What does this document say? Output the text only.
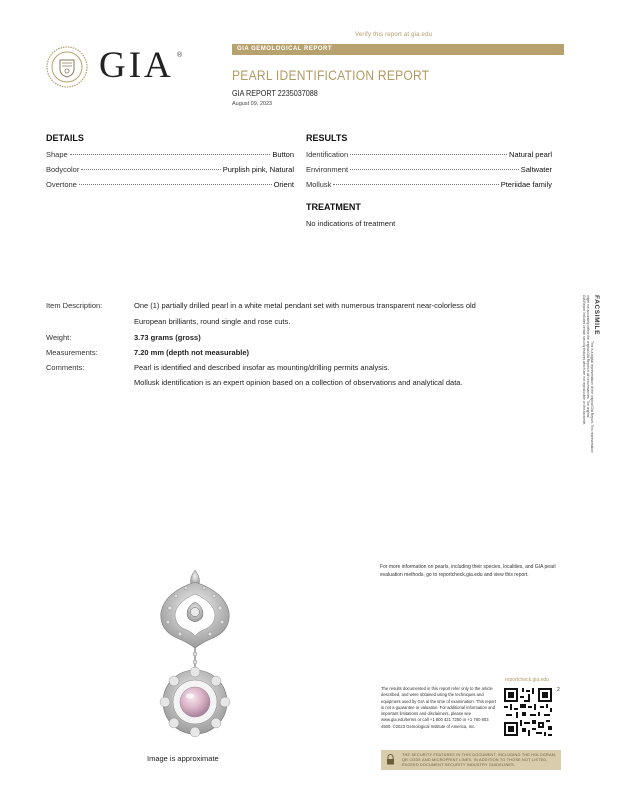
Verify this report at gia.edu
GIA ®
GIA GEMOLOGICAL REPORT
PEARL IDENTIFICATION REPORT
GIA REPORT 2235037088
August 09, 2023
DETAILS
Shape	Button
Bodycolor	Purplish pink, Natural
Overtone	Orient
RESULTS
Identification	Natural pearl
Environment	Saltwater
Mollusk	Pteriidae family
TREATMENT
No indications of treatment
Item Description:	One (1) partially drilled pearl in a white metal pendant set with numerous transparent near-colorless old
European brilliants, round single and rose cuts.
Weight:	3.73 grams (gross)
Measurements:	7.20 mm (depth not measurable)
Comments:	Pearl is identified and described insofar as mounting/drilling permits analysis.
Mollusk identification is an expert opinion based on a collection of observations and analytical data.
FACSIMILE
This is a digital representation of the original GIA Report. This representation
might not accurately reflect the original GIA Report in all circumstances. The original
GIA Report includes certain security features which are not reproducible on this facsimile.
Image is approximate
For more information on pearls, including their species, localities, and GIA pearl evaluation methods, go to reportcheck.gia.edu and view this report.
reportcheck.gia.edu
The results documented in this report refer only to the article described, and were obtained using the techniques and equipment used by GIA at the time of examination. This report is not a guarantee or valuation. For additional information and important limitations and disclaimers, please see www.gia.edu/terms or call +1 800 421 7250 or +1 760 603 4500. ©2023 Gemological Institute of America, Inc.
2
THE SECURITY FEATURES IN THIS DOCUMENT, INCLUDING THE HOLOGRAM, QR CODE AND MICROPRINT LINES, IN ADDITION TO THOSE NOT LISTED, EXCEED DOCUMENT SECURITY INDUSTRY GUIDELINES.
